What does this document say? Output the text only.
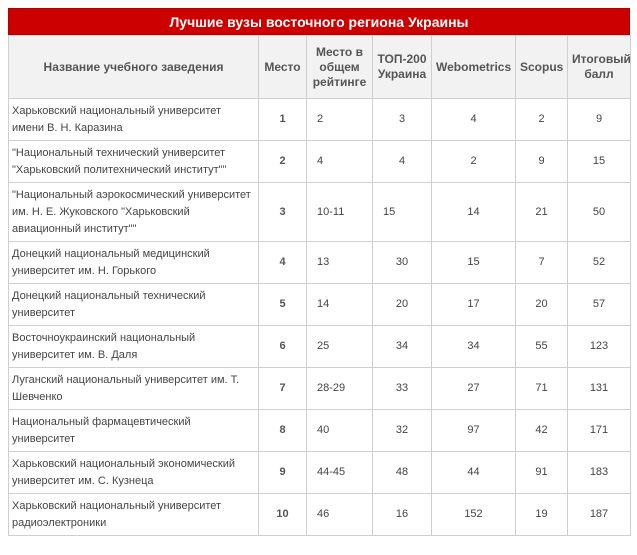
Лучшие вузы восточного региона Украины
Название учебного заведения	Место	Место в общем рейтинге	ТОП-200 Украина	Webometrics	Scopus	Итоговый балл
Харьковский национальный университет имени В. Н. Каразина	1	2	3	4	2	9
"Национальный технический университет "Харьковский политехнический институт""	2	4	4	2	9	15
"Национальный аэрокосмический университет им. Н. Е. Жуковского "Харьковский авиационный институт""	3	10-11	15	14	21	50
Донецкий национальный медицинский университет им. Н. Горького	4	13	30	15	7	52
Донецкий национальный технический университет	5	14	20	17	20	57
Восточноукраинский национальный университет им. В. Даля	6	25	34	34	55	123
Луганский национальный университет им. Т. Шевченко	7	28-29	33	27	71	131
Национальный фармацевтический университет	8	40	32	97	42	171
Харьковский национальный экономический университет им. С. Кузнеца	9	44-45	48	44	91	183
Харьковский национальный университет радиоэлектроники	10	46	16	152	19	187
